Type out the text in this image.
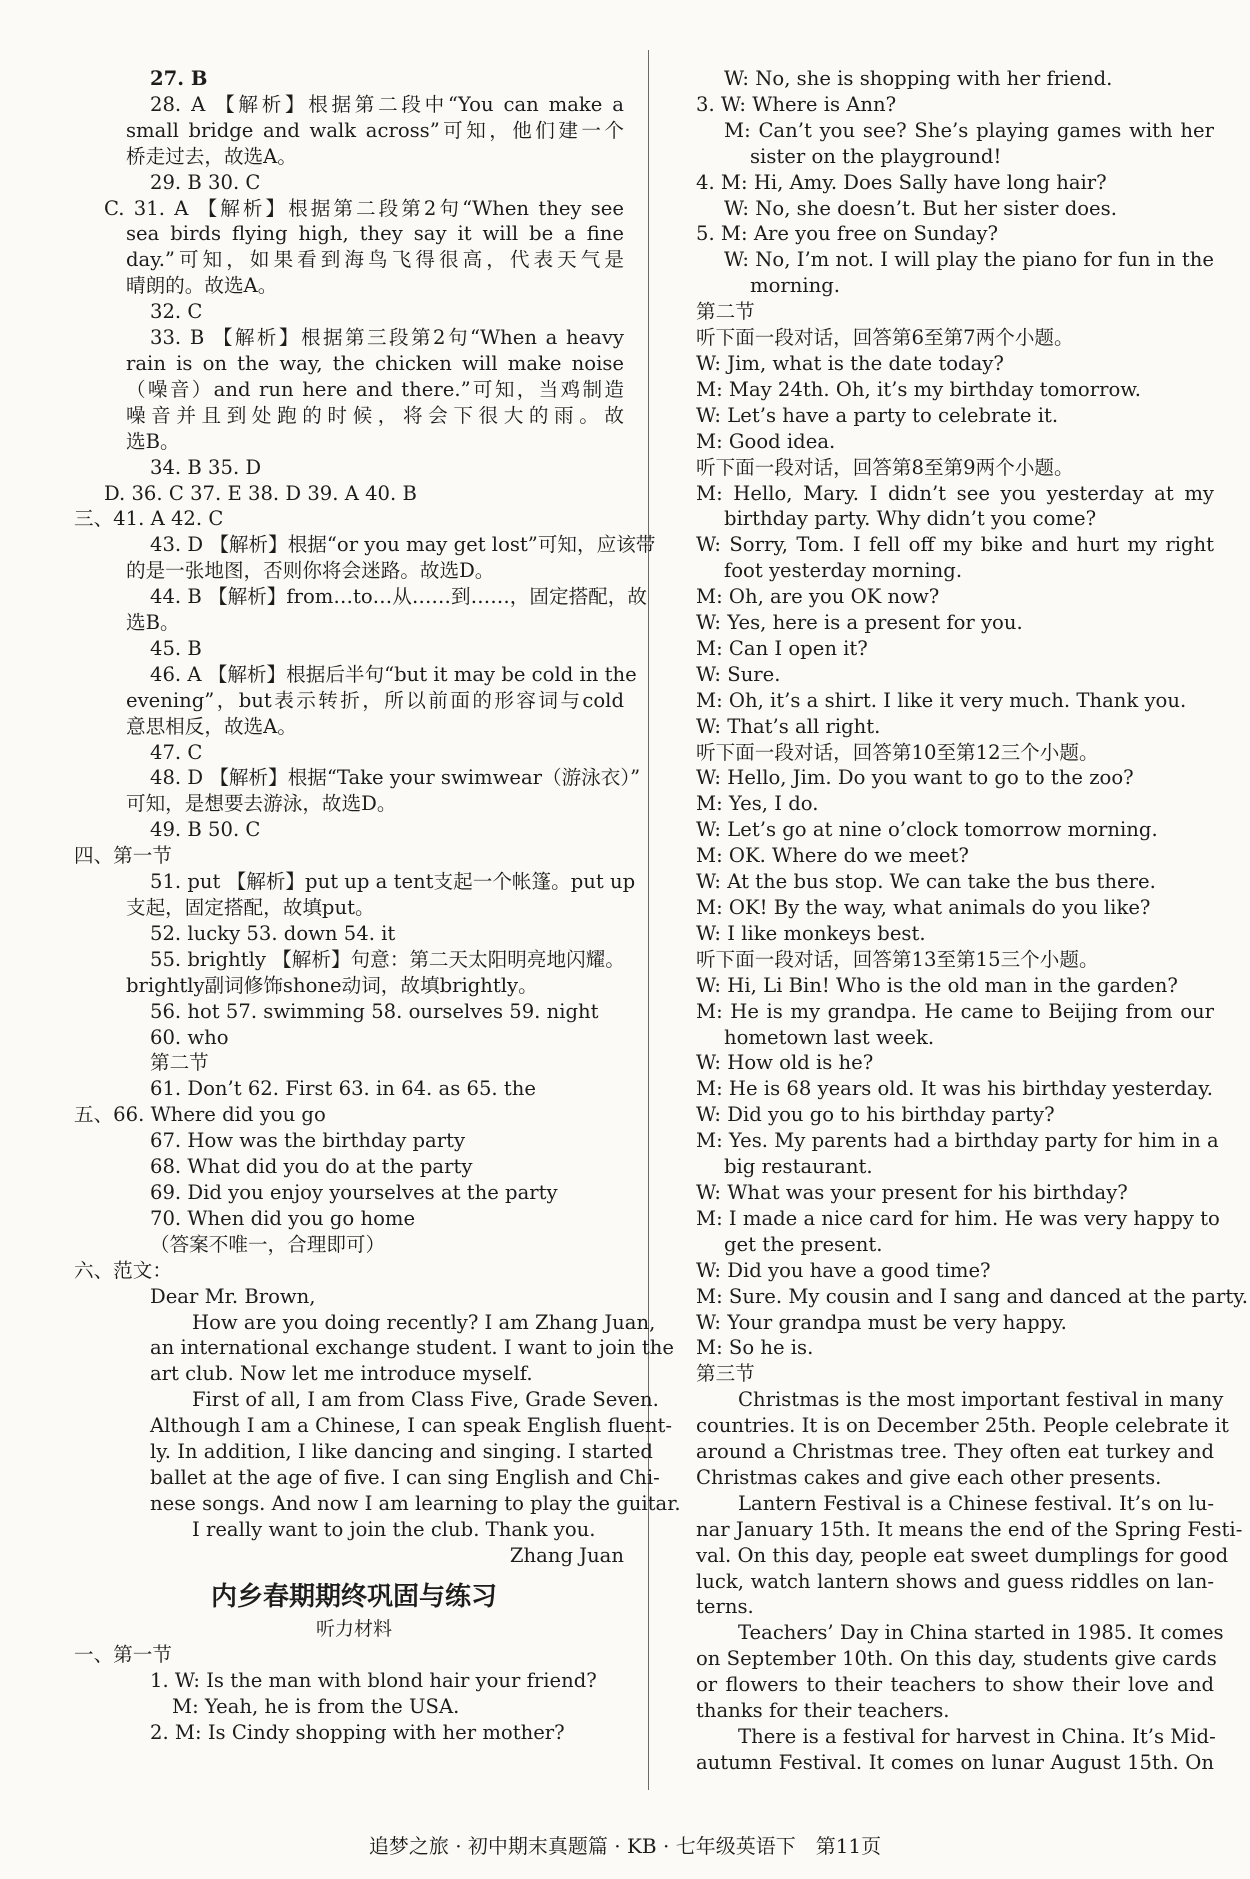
27. B
28. A 【解析】根据第二段中“You can make a
small bridge and walk across”可知，他们建一个
桥走过去，故选A。
29. B 30. C
C. 31. A 【解析】根据第二段第2句“When they see
sea birds flying high, they say it will be a fine
day.”可知，如果看到海鸟飞得很高，代表天气是
晴朗的。故选A。
32. C
33. B 【解析】根据第三段第2句“When a heavy
rain is on the way, the chicken will make noise
（噪音）and run here and there.”可知，当鸡制造
噪音并且到处跑的时候，将会下很大的雨。故
选B。
34. B 35. D
D. 36. C 37. E 38. D 39. A 40. B
三、41. A 42. C
43. D 【解析】根据“or you may get lost”可知，应该带
的是一张地图，否则你将会迷路。故选D。
44. B 【解析】from…to…从……到……，固定搭配，故
选B。
45. B
46. A 【解析】根据后半句“but it may be cold in the
evening”，but表示转折，所以前面的形容词与cold
意思相反，故选A。
47. C
48. D 【解析】根据“Take your swimwear（游泳衣）”
可知，是想要去游泳，故选D。
49. B 50. C
四、第一节
51. put 【解析】put up a tent支起一个帐篷。put up
支起，固定搭配，故填put。
52. lucky 53. down 54. it
55. brightly 【解析】句意：第二天太阳明亮地闪耀。
brightly副词修饰shone动词，故填brightly。
56. hot 57. swimming 58. ourselves 59. night
60. who
第二节
61. Don’t 62. First 63. in 64. as 65. the
五、66. Where did you go
67. How was the birthday party
68. What did you do at the party
69. Did you enjoy yourselves at the party
70. When did you go home
（答案不唯一，合理即可）
六、范文：
Dear Mr. Brown,
How are you doing recently? I am Zhang Juan,
an international exchange student. I want to join the
art club. Now let me introduce myself.
First of all, I am from Class Five, Grade Seven.
Although I am a Chinese, I can speak English fluent-
ly. In addition, I like dancing and singing. I started
ballet at the age of five. I can sing English and Chi-
nese songs. And now I am learning to play the guitar.
I really want to join the club. Thank you.
Zhang Juan
内乡春期期终巩固与练习
听力材料
一、第一节
1. W: Is the man with blond hair your friend?
M: Yeah, he is from the USA.
2. M: Is Cindy shopping with her mother?
W: No, she is shopping with her friend.
3. W: Where is Ann?
M: Can’t you see? She’s playing games with her
sister on the playground!
4. M: Hi, Amy. Does Sally have long hair?
W: No, she doesn’t. But her sister does.
5. M: Are you free on Sunday?
W: No, I’m not. I will play the piano for fun in the
morning.
第二节
听下面一段对话，回答第6至第7两个小题。
W: Jim, what is the date today?
M: May 24th. Oh, it’s my birthday tomorrow.
W: Let’s have a party to celebrate it.
M: Good idea.
听下面一段对话，回答第8至第9两个小题。
M: Hello, Mary. I didn’t see you yesterday at my
birthday party. Why didn’t you come?
W: Sorry, Tom. I fell off my bike and hurt my right
foot yesterday morning.
M: Oh, are you OK now?
W: Yes, here is a present for you.
M: Can I open it?
W: Sure.
M: Oh, it’s a shirt. I like it very much. Thank you.
W: That’s all right.
听下面一段对话，回答第10至第12三个小题。
W: Hello, Jim. Do you want to go to the zoo?
M: Yes, I do.
W: Let’s go at nine o’clock tomorrow morning.
M: OK. Where do we meet?
W: At the bus stop. We can take the bus there.
M: OK! By the way, what animals do you like?
W: I like monkeys best.
听下面一段对话，回答第13至第15三个小题。
W: Hi, Li Bin! Who is the old man in the garden?
M: He is my grandpa. He came to Beijing from our
hometown last week.
W: How old is he?
M: He is 68 years old. It was his birthday yesterday.
W: Did you go to his birthday party?
M: Yes. My parents had a birthday party for him in a
big restaurant.
W: What was your present for his birthday?
M: I made a nice card for him. He was very happy to
get the present.
W: Did you have a good time?
M: Sure. My cousin and I sang and danced at the party.
W: Your grandpa must be very happy.
M: So he is.
第三节
Christmas is the most important festival in many
countries. It is on December 25th. People celebrate it
around a Christmas tree. They often eat turkey and
Christmas cakes and give each other presents.
Lantern Festival is a Chinese festival. It’s on lu-
nar January 15th. It means the end of the Spring Festi-
val. On this day, people eat sweet dumplings for good
luck, watch lantern shows and guess riddles on lan-
terns.
Teachers’ Day in China started in 1985. It comes
on September 10th. On this day, students give cards
or flowers to their teachers to show their love and
thanks for their teachers.
There is a festival for harvest in China. It’s Mid-
autumn Festival. It comes on lunar August 15th. On
追梦之旅 · 初中期末真题篇 · KB · 七年级英语下　第11页
